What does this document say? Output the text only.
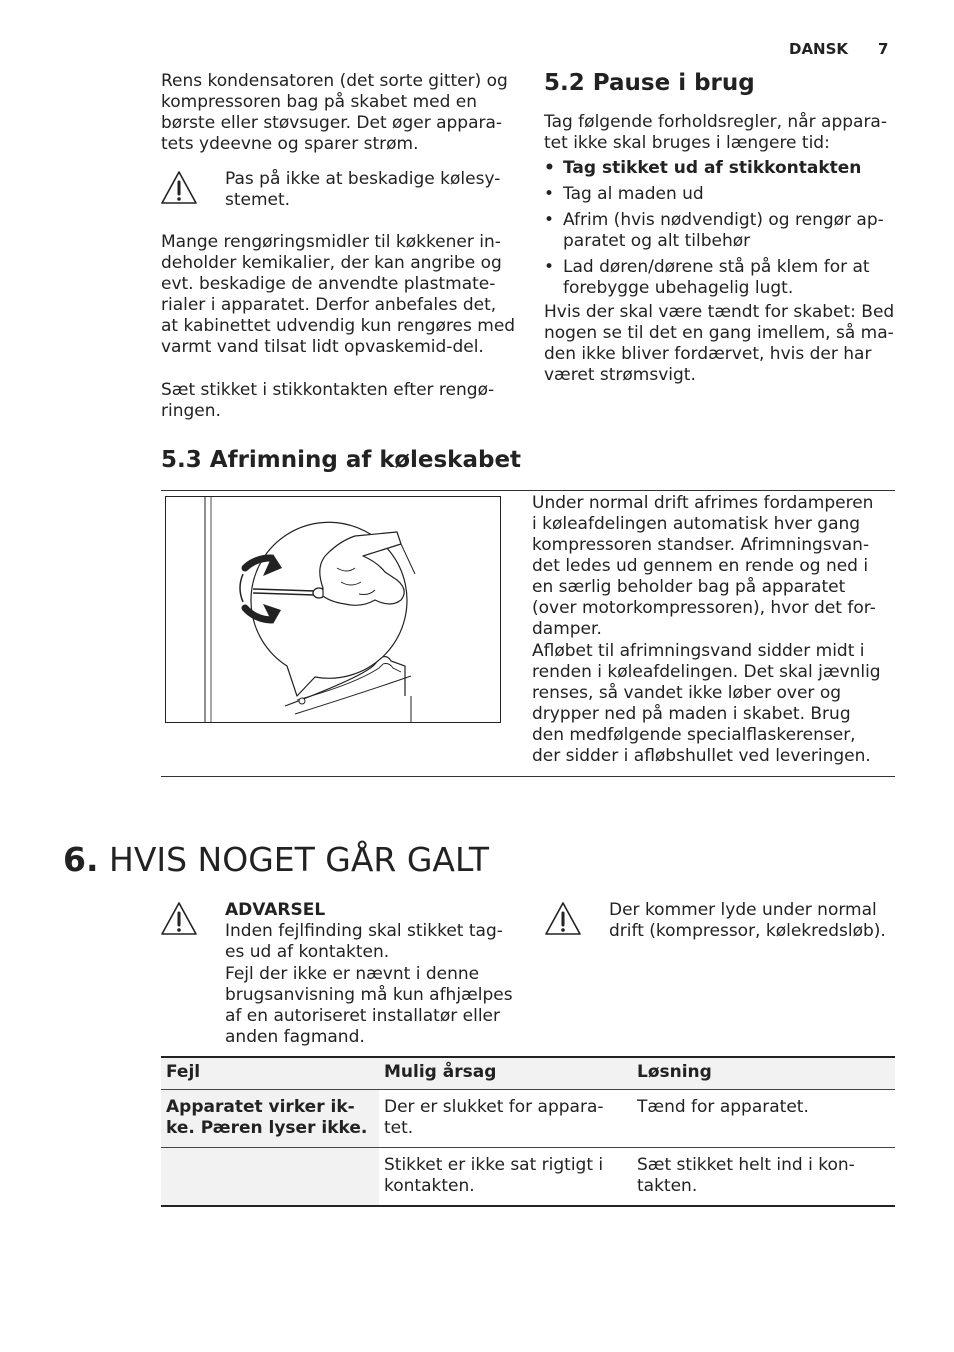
DANSK 7

Rens kondensatoren (det sorte gitter) og kompressoren bag på skabet med en børste eller støvsuger. Det øger appara-tets ydeevne og sparer strøm.

Pas på ikke at beskadige kølesy-stemet.

Mange rengøringsmidler til køkkener in-deholder kemikalier, der kan angribe og evt. beskadige de anvendte plastmate-rialer i apparatet. Derfor anbefales det, at kabinettet udvendig kun rengøres med varmt vand tilsat lidt opvaskemid-del.

Sæt stikket i stikkontakten efter rengø-ringen.

5.2 Pause i brug

Tag følgende forholdsregler, når appara-tet ikke skal bruges i længere tid:

• Tag stikket ud af stikkontakten
• Tag al maden ud
• Afrim (hvis nødvendigt) og rengør ap-paratet og alt tilbehør
• Lad døren/dørene stå på klem for at forebygge ubehagelig lugt.

Hvis der skal være tændt for skabet: Bed nogen se til det en gang imellem, så ma-den ikke bliver fordærvet, hvis der har været strømsvigt.

5.3 Afrimning af køleskabet

Under normal drift afrimes fordamperen i køleafdelingen automatisk hver gang kompressoren standser. Afrimningsvan-det ledes ud gennem en rende og ned i en særlig beholder bag på apparatet (over motorkompressoren), hvor det for-damper.

Afløbet til afrimningsvand sidder midt i renden i køleafdelingen. Det skal jævnlig renses, så vandet ikke løber over og drypper ned på maden i skabet. Brug den medfølgende specialflaskerenser, der sidder i afløbshullet ved leveringen.

6. HVIS NOGET GÅR GALT
ADVARSEL

Inden fejlfinding skal stikket tag-es ud af kontakten.

Fejl der ikke er nævnt i denne brugsanvisning må kun afhjælpes af en autoriseret installatør eller anden fagmand.

Der kommer lyde under normal drift (kompressor, kølekredsløb).

Fejl	Mulig årsag	Løsning
Apparatet virker ik-ke. Pæren lyser ikke.	Der er slukket for appara-tet.	Tænd for apparatet.
	Stikket er ikke sat rigtigt i kontakten.	Sæt stikket helt ind i kon-takten.
